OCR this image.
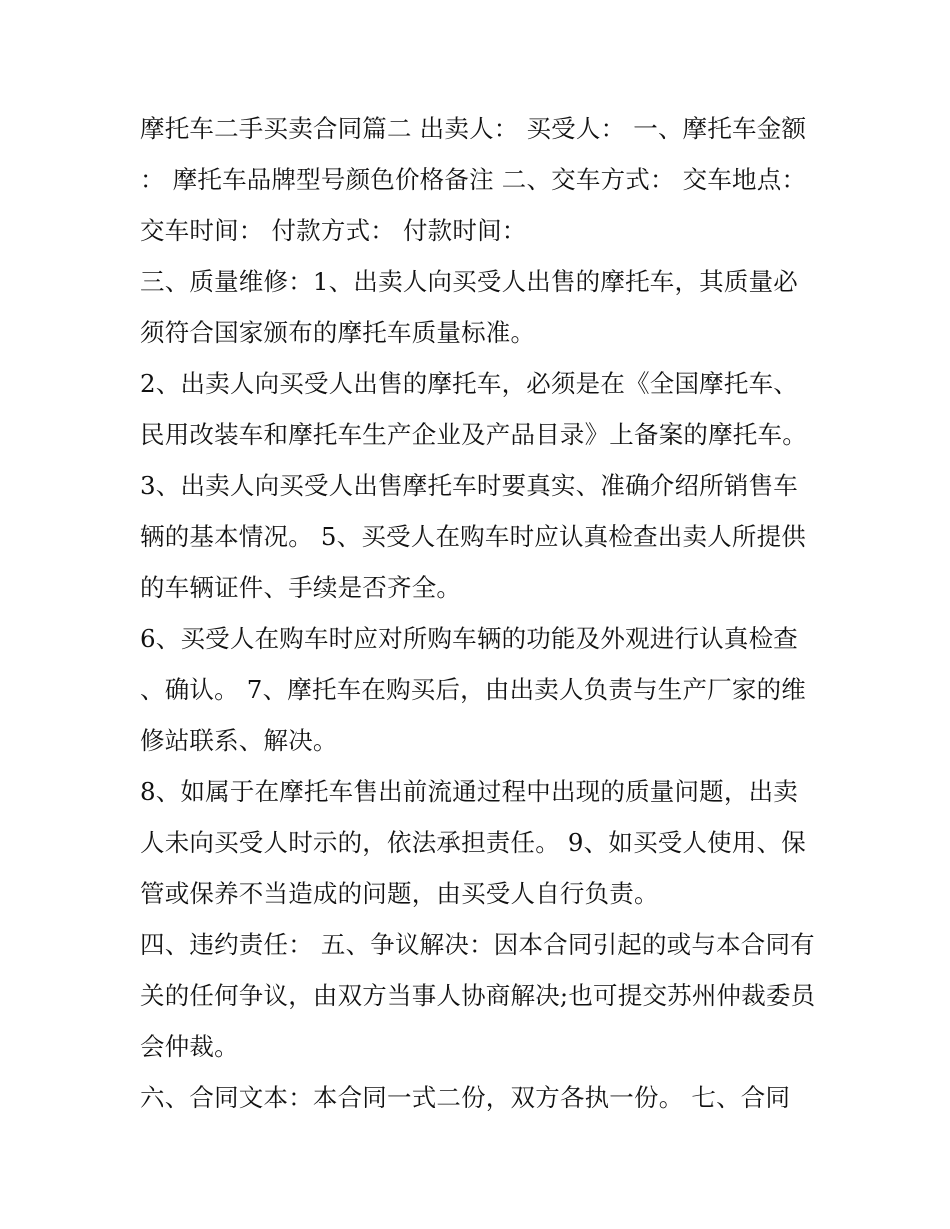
摩托车二手买卖合同篇二 出卖人： 买受人： 一、摩托车金额： 摩托车品牌型号颜色价格备注 二、交车方式： 交车地点： 交车时间： 付款方式： 付款时间：

三、质量维修：1、出卖人向买受人出售的摩托车，其质量必须符合国家颁布的摩托车质量标准。

2、出卖人向买受人出售的摩托车，必须是在《全国摩托车、民用改装车和摩托车生产企业及产品目录》上备案的摩托车。

3、出卖人向买受人出售摩托车时要真实、准确介绍所销售车辆的基本情况。 5、买受人在购车时应认真检查出卖人所提供的车辆证件、手续是否齐全。

6、买受人在购车时应对所购车辆的功能及外观进行认真检查、确认。 7、摩托车在购买后，由出卖人负责与生产厂家的维修站联系、解决。

8、如属于在摩托车售出前流通过程中出现的质量问题，出卖人未向买受人时示的，依法承担责任。 9、如买受人使用、保管或保养不当造成的问题，由买受人自行负责。

四、违约责任： 五、争议解决：因本合同引起的或与本合同有关的任何争议，由双方当事人协商解决;也可提交苏州仲裁委员会仲裁。

六、合同文本：本合同一式二份，双方各执一份。 七、合同
